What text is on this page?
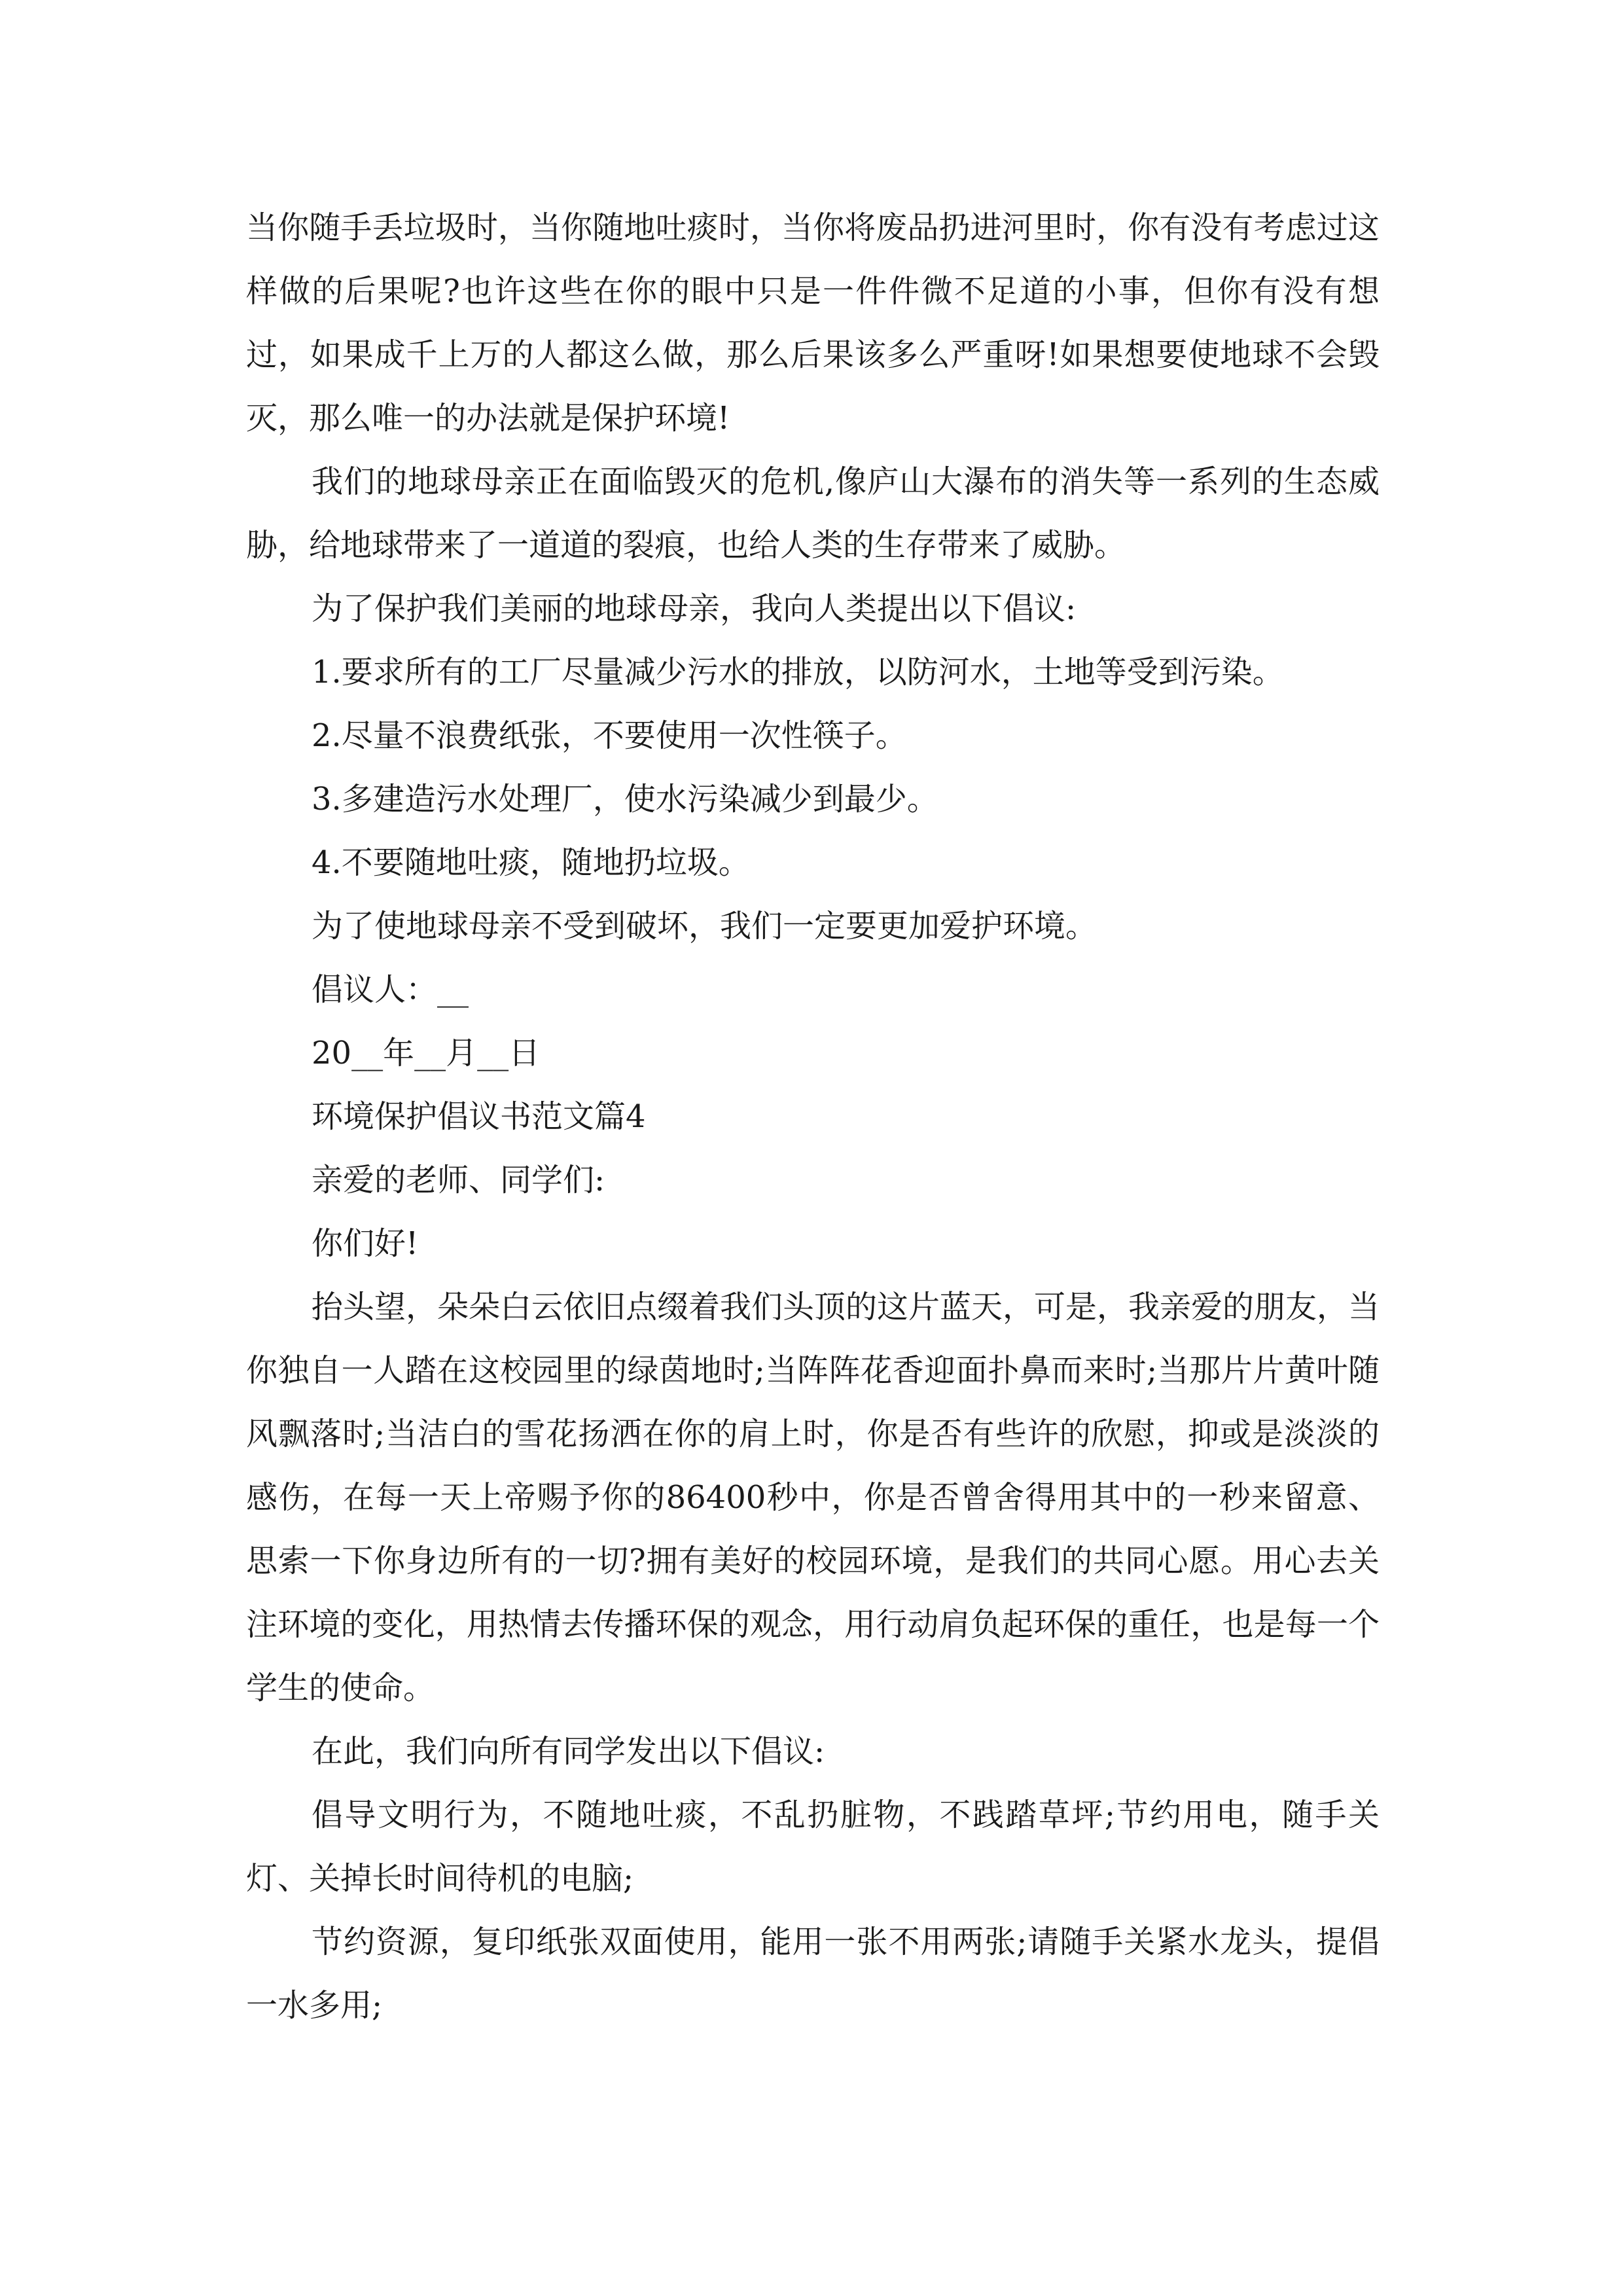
当你随手丢垃圾时，当你随地吐痰时，当你将废品扔进河里时，你有没有考虑过这样做的后果呢?也许这些在你的眼中只是一件件微不足道的小事，但你有没有想过，如果成千上万的人都这么做，那么后果该多么严重呀!如果想要使地球不会毁灭，那么唯一的办法就是保护环境!

我们的地球母亲正在面临毁灭的危机,像庐山大瀑布的消失等一系列的生态威胁，给地球带来了一道道的裂痕，也给人类的生存带来了威胁。

为了保护我们美丽的地球母亲，我向人类提出以下倡议:

1.要求所有的工厂尽量减少污水的排放，以防河水，土地等受到污染。

2.尽量不浪费纸张，不要使用一次性筷子。

3.多建造污水处理厂，使水污染减少到最少。

4.不要随地吐痰，随地扔垃圾。

为了使地球母亲不受到破坏，我们一定要更加爱护环境。

倡议人：__

20__年__月__日

环境保护倡议书范文篇4

亲爱的老师、同学们:

你们好!

抬头望，朵朵白云依旧点缀着我们头顶的这片蓝天，可是，我亲爱的朋友，当你独自一人踏在这校园里的绿茵地时;当阵阵花香迎面扑鼻而来时;当那片片黄叶随风飘落时;当洁白的雪花扬洒在你的肩上时，你是否有些许的欣慰，抑或是淡淡的感伤，在每一天上帝赐予你的86400秒中，你是否曾舍得用其中的一秒来留意、思索一下你身边所有的一切?拥有美好的校园环境，是我们的共同心愿。用心去关注环境的变化，用热情去传播环保的观念，用行动肩负起环保的重任，也是每一个学生的使命。

在此，我们向所有同学发出以下倡议:

倡导文明行为，不随地吐痰，不乱扔脏物，不践踏草坪;节约用电，随手关灯、关掉长时间待机的电脑;

节约资源，复印纸张双面使用，能用一张不用两张;请随手关紧水龙头，提倡一水多用;
